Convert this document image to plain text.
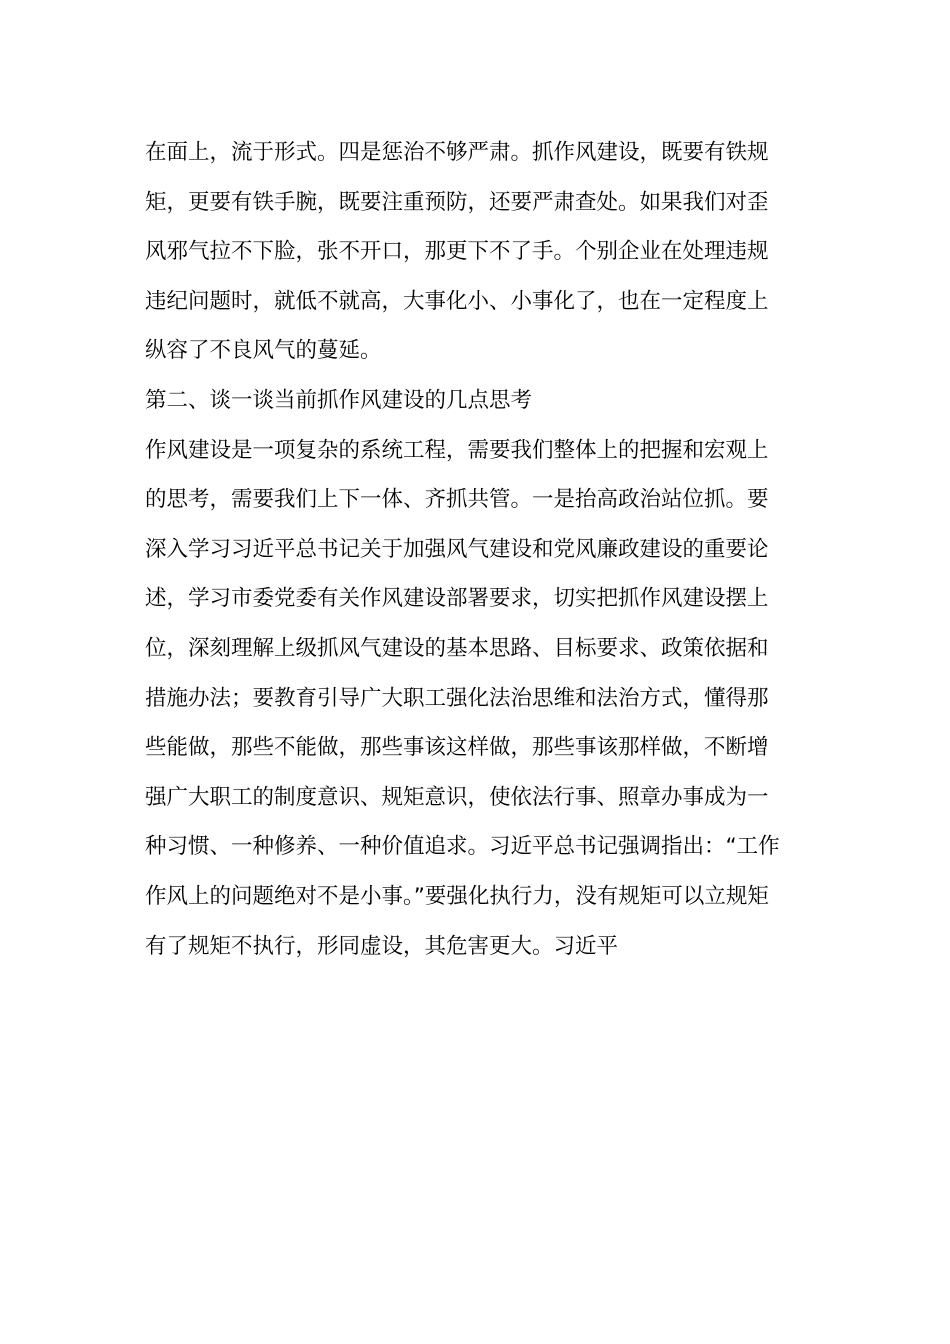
在面上，流于形式。四是惩治不够严肃。抓作风建设，既要有铁规
矩，更要有铁手腕，既要注重预防，还要严肃查处。如果我们对歪
风邪气拉不下脸，张不开口，那更下不了手。个别企业在处理违规
违纪问题时，就低不就高，大事化小、小事化了，也在一定程度上
纵容了不良风气的蔓延。
第二、谈一谈当前抓作风建设的几点思考
作风建设是一项复杂的系统工程，需要我们整体上的把握和宏观上
的思考，需要我们上下一体、齐抓共管。一是抬高政治站位抓。要
深入学习习近平总书记关于加强风气建设和党风廉政建设的重要论
述，学习市委党委有关作风建设部署要求，切实把抓作风建设摆上
位，深刻理解上级抓风气建设的基本思路、目标要求、政策依据和
措施办法；要教育引导广大职工强化法治思维和法治方式，懂得那
些能做，那些不能做，那些事该这样做，那些事该那样做，不断增
强广大职工的制度意识、规矩意识，使依法行事、照章办事成为一
种习惯、一种修养、一种价值追求。习近平总书记强调指出：“工作
作风上的问题绝对不是小事。”要强化执行力，没有规矩可以立规矩
有了规矩不执行，形同虚设，其危害更大。习近平
